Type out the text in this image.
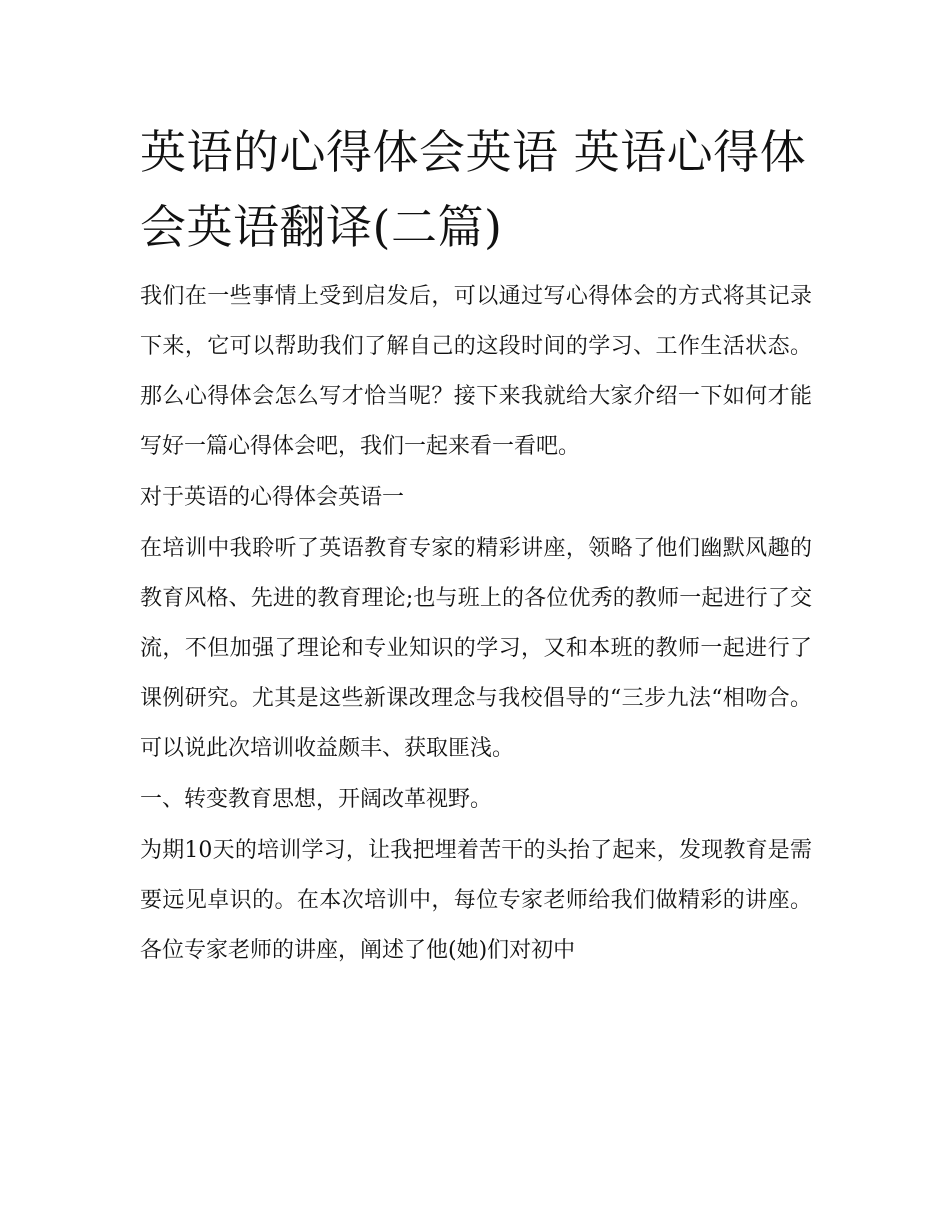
英语的心得体会英语 英语心得体会英语翻译(二篇)

我们在一些事情上受到启发后，可以通过写心得体会的方式将其记录下来，它可以帮助我们了解自己的这段时间的学习、工作生活状态。那么心得体会怎么写才恰当呢？接下来我就给大家介绍一下如何才能写好一篇心得体会吧，我们一起来看一看吧。

对于英语的心得体会英语一

在培训中我聆听了英语教育专家的精彩讲座，领略了他们幽默风趣的教育风格、先进的教育理论;也与班上的各位优秀的教师一起进行了交流，不但加强了理论和专业知识的学习，又和本班的教师一起进行了课例研究。尤其是这些新课改理念与我校倡导的“三步九法“相吻合。可以说此次培训收益颇丰、获取匪浅。

一、转变教育思想，开阔改革视野。

为期10天的培训学习，让我把埋着苦干的头抬了起来，发现教育是需要远见卓识的。在本次培训中，每位专家老师给我们做精彩的讲座。各位专家老师的讲座，阐述了他(她)们对初中
